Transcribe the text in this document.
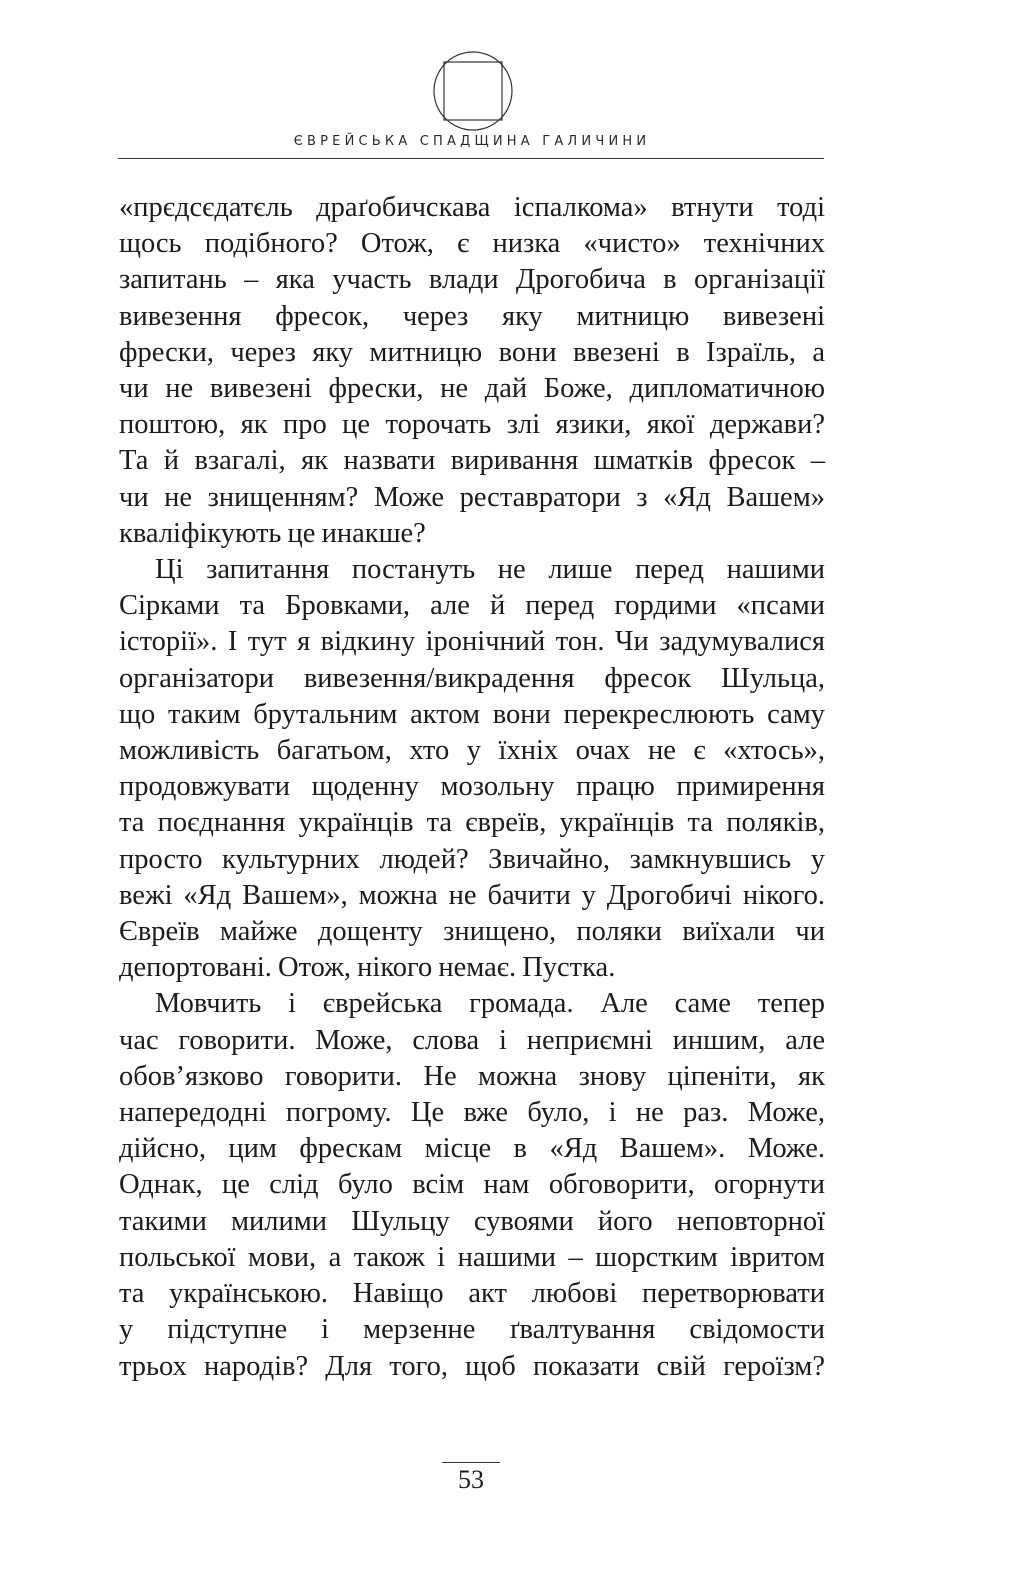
ЄВРЕЙСЬКА СПАДЩИНА ГАЛИЧИНИ

«прєдсєдатєль драґобичскава іспалкома» втнути тоді
щось подібного? Отож, є низка «чисто» технічних
запитань – яка участь влади Дрогобича в організації
вивезення фресок, через яку митницю вивезені
фрески, через яку митницю вони ввезені в Ізраїль, а
чи не вивезені фрески, не дай Боже, дипломатичною
поштою, як про це торочать злі язики, якої держави?
Та й взагалі, як назвати виривання шматків фресок –
чи не знищенням? Може реставратори з «Яд Вашем»
кваліфікують це инакше?

Ці запитання постануть не лише перед нашими
Сірками та Бровками, але й перед гордими «псами
історії». І тут я відкину іронічний тон. Чи задумувалися
організатори вивезення/викрадення фресок Шульца,
що таким брутальним актом вони перекреслюють саму
можливість багатьом, хто у їхніх очах не є «хтось»,
продовжувати щоденну мозольну працю примирення
та поєднання українців та євреїв, українців та поляків,
просто культурних людей? Звичайно, замкнувшись у
вежі «Яд Вашем», можна не бачити у Дрогобичі нікого.
Євреїв майже дощенту знищено, поляки виїхали чи
депортовані. Отож, нікого немає. Пустка.

Мовчить і єврейська громада. Але саме тепер
час говорити. Може, слова і неприємні иншим, але
обов’язково говорити. Не можна знову ціпеніти, як
напередодні погрому. Це вже було, і не раз. Може,
дійсно, цим фрескам місце в «Яд Вашем». Може.
Однак, це слід було всім нам обговорити, огорнути
такими милими Шульцу сувоями його неповторної
польської мови, а також і нашими – шорстким івритом
та українською. Навіщо акт любові перетворювати
у підступне і мерзенне ґвалтування свідомости
трьох народів? Для того, щоб показати свій героїзм?

53
